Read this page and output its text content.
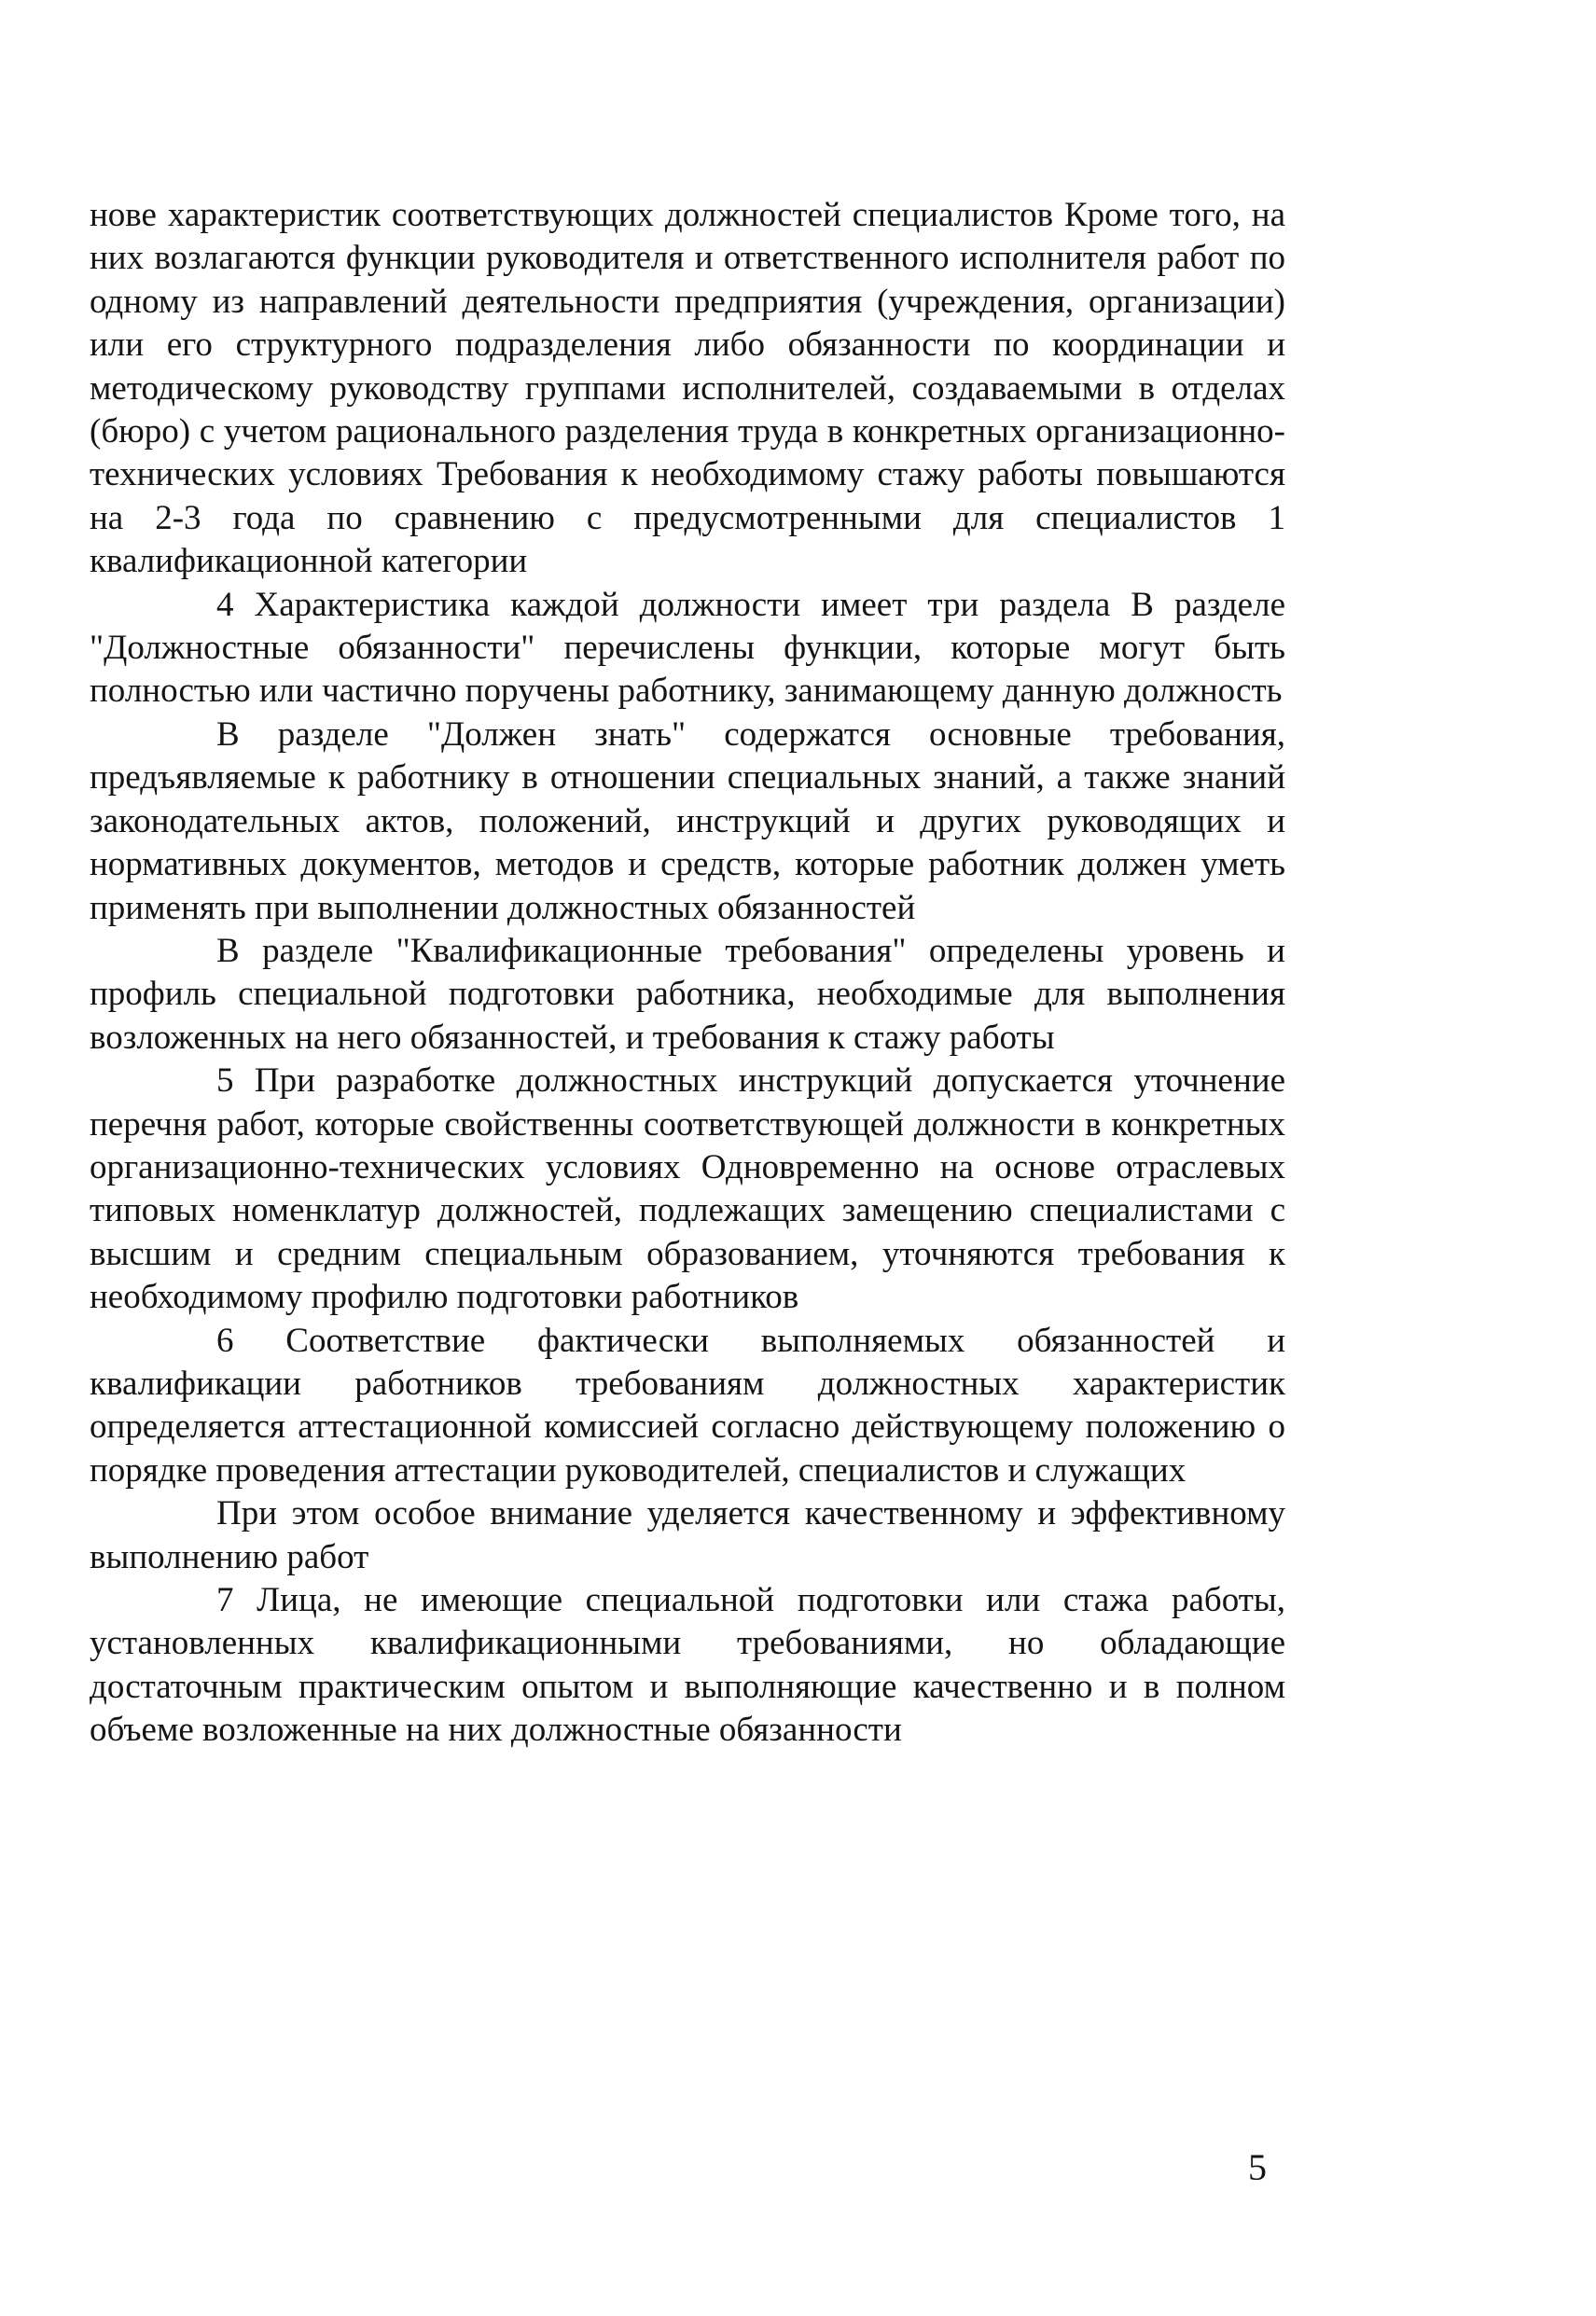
нове характеристик соответствующих должностей специалистов Кроме того, на них возлагаются функции руководителя и ответственного исполнителя работ по одному из направлений деятельности предприятия (учреждения, организации) или его структурного подразделения либо обязанности по координации и методическому руководству группами исполнителей, создаваемыми в отделах (бюро) с учетом рационального разделения труда в конкретных организационно-технических условиях Требования к необходимому стажу работы повышаются на 2-3 года по сравнению с предусмотренными для специалистов 1 квалификационной категории

4 Характеристика каждой должности имеет три раздела В разделе "Должностные обязанности" перечислены функции, которые могут быть полностью или частично поручены работнику, занимающему данную должность

В разделе "Должен знать" содержатся основные требования, предъявляемые к работнику в отношении специальных знаний, а также знаний законодательных актов, положений, инструкций и других руководящих и нормативных документов, методов и средств, которые работник должен уметь применять при выполнении должностных обязанностей

В разделе "Квалификационные требования" определены уровень и профиль специальной подготовки работника, необходимые для выполнения возложенных на него обязанностей, и требования к стажу работы

5 При разработке должностных инструкций допускается уточнение перечня работ, которые свойственны соответствующей должности в конкретных организационно-технических условиях Одновременно на основе отраслевых типовых номенклатур должностей, подлежащих замещению специалистами с высшим и средним специальным образованием, уточняются требования к необходимому профилю подготовки работников

6 Соответствие фактически выполняемых обязанностей и квалификации работников требованиям должностных характеристик определяется аттестационной комиссией согласно действующему положению о порядке проведения аттестации руководителей, специалистов и служащих

При этом особое внимание уделяется качественному и эффективному выполнению работ

7 Лица, не имеющие специальной подготовки или стажа работы, установленных квалификационными требованиями, но обладающие достаточным практическим опытом и выполняющие качественно и в полном объеме возложенные на них должностные обязанности

5
